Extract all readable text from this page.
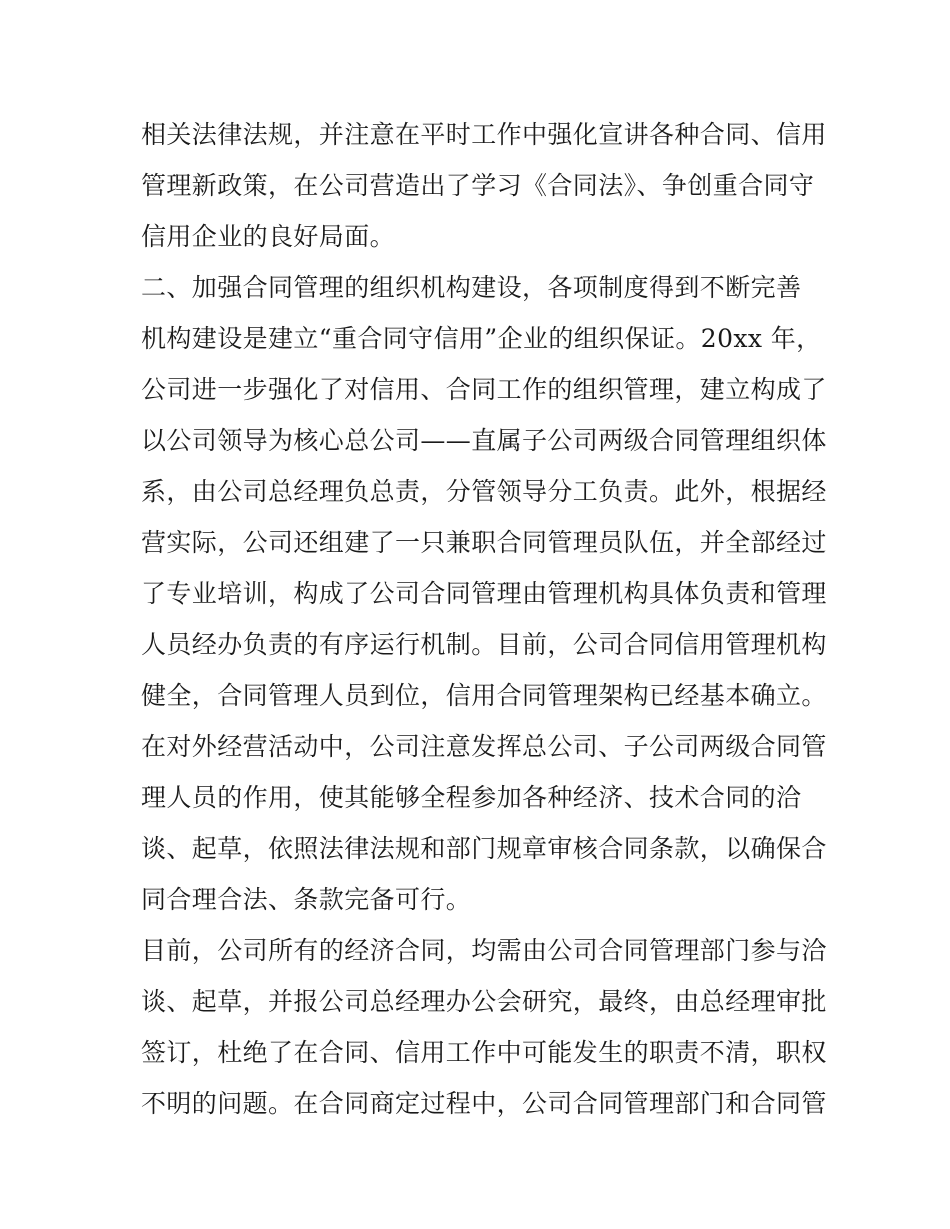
相关法律法规，并注意在平时工作中强化宣讲各种合同、信用
管理新政策，在公司营造出了学习《合同法》、争创重合同守
信用企业的良好局面。
二、加强合同管理的组织机构建设，各项制度得到不断完善
机构建设是建立“重合同守信用”企业的组织保证。20xx 年，
公司进一步强化了对信用、合同工作的组织管理，建立构成了
以公司领导为核心总公司——直属子公司两级合同管理组织体
系，由公司总经理负总责，分管领导分工负责。此外，根据经
营实际，公司还组建了一只兼职合同管理员队伍，并全部经过
了专业培训，构成了公司合同管理由管理机构具体负责和管理
人员经办负责的有序运行机制。目前，公司合同信用管理机构
健全，合同管理人员到位，信用合同管理架构已经基本确立。
在对外经营活动中，公司注意发挥总公司、子公司两级合同管
理人员的作用，使其能够全程参加各种经济、技术合同的洽
谈、起草，依照法律法规和部门规章审核合同条款，以确保合
同合理合法、条款完备可行。
目前，公司所有的经济合同，均需由公司合同管理部门参与洽
谈、起草，并报公司总经理办公会研究，最终，由总经理审批
签订，杜绝了在合同、信用工作中可能发生的职责不清，职权
不明的问题。在合同商定过程中，公司合同管理部门和合同管
